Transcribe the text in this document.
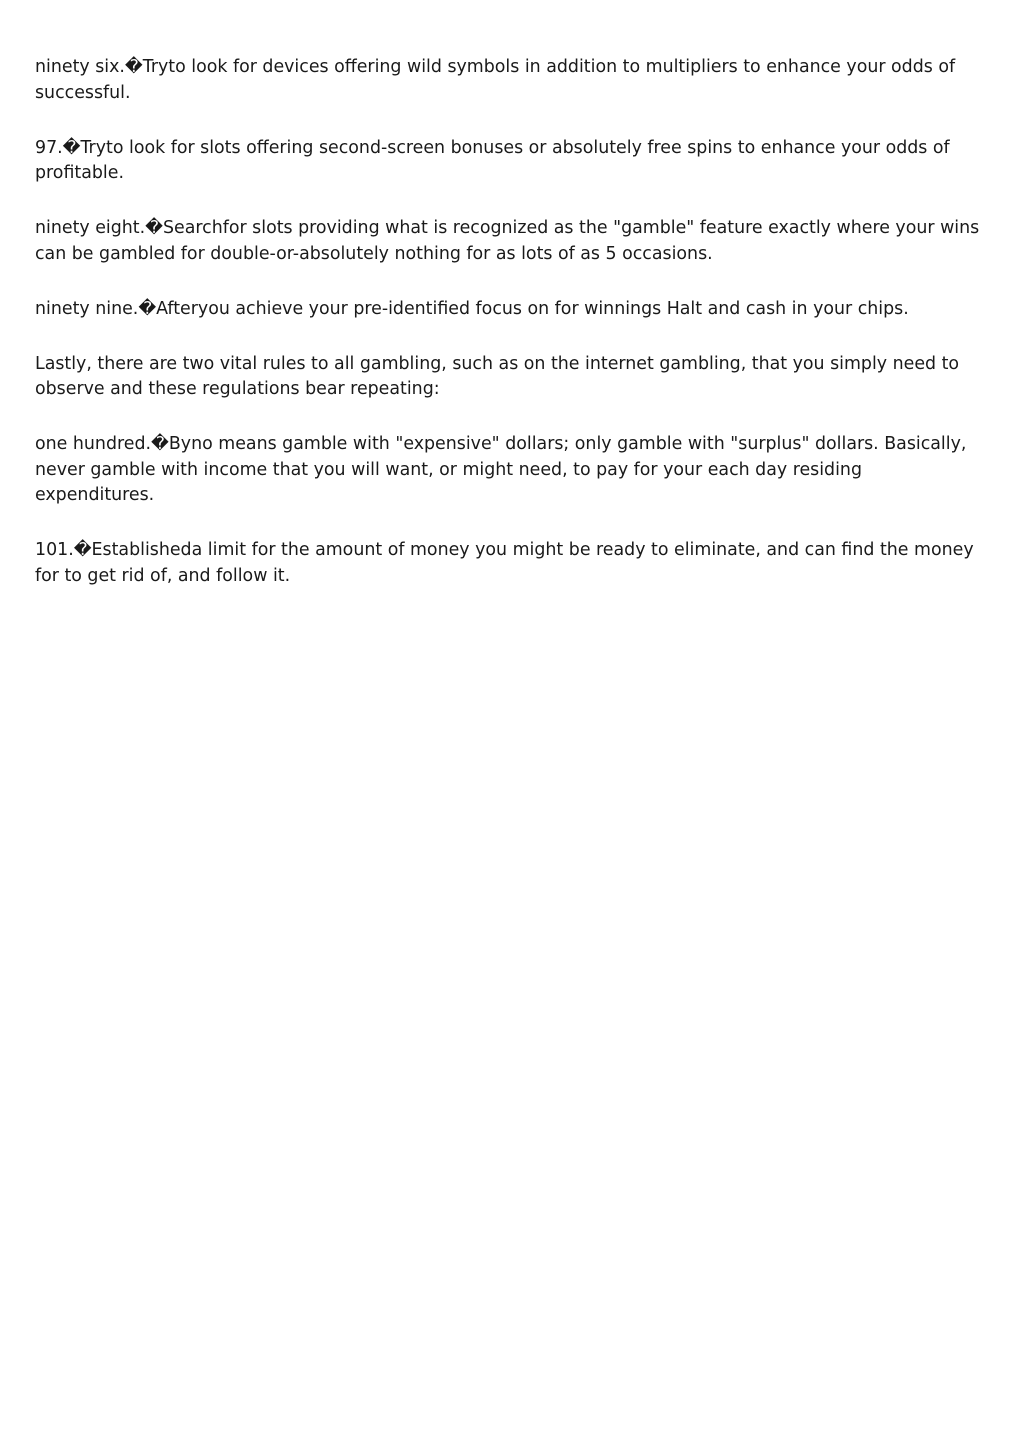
ninety six.�Tryto look for devices offering wild symbols in addition to multipliers to enhance your odds of successful.

97.�Tryto look for slots offering second-screen bonuses or absolutely free spins to enhance your odds of profitable.

ninety eight.�Searchfor slots providing what is recognized as the "gamble" feature exactly where your wins can be gambled for double-or-absolutely nothing for as lots of as 5 occasions.

ninety nine.�Afteryou achieve your pre-identified focus on for winnings Halt and cash in your chips.

Lastly, there are two vital rules to all gambling, such as on the internet gambling, that you simply need to observe and these regulations bear repeating:

one hundred.�Byno means gamble with "expensive" dollars; only gamble with "surplus" dollars. Basically, never gamble with income that you will want, or might need, to pay for your each day residing expenditures.

101.�Establisheda limit for the amount of money you might be ready to eliminate, and can find the money for to get rid of, and follow it.
